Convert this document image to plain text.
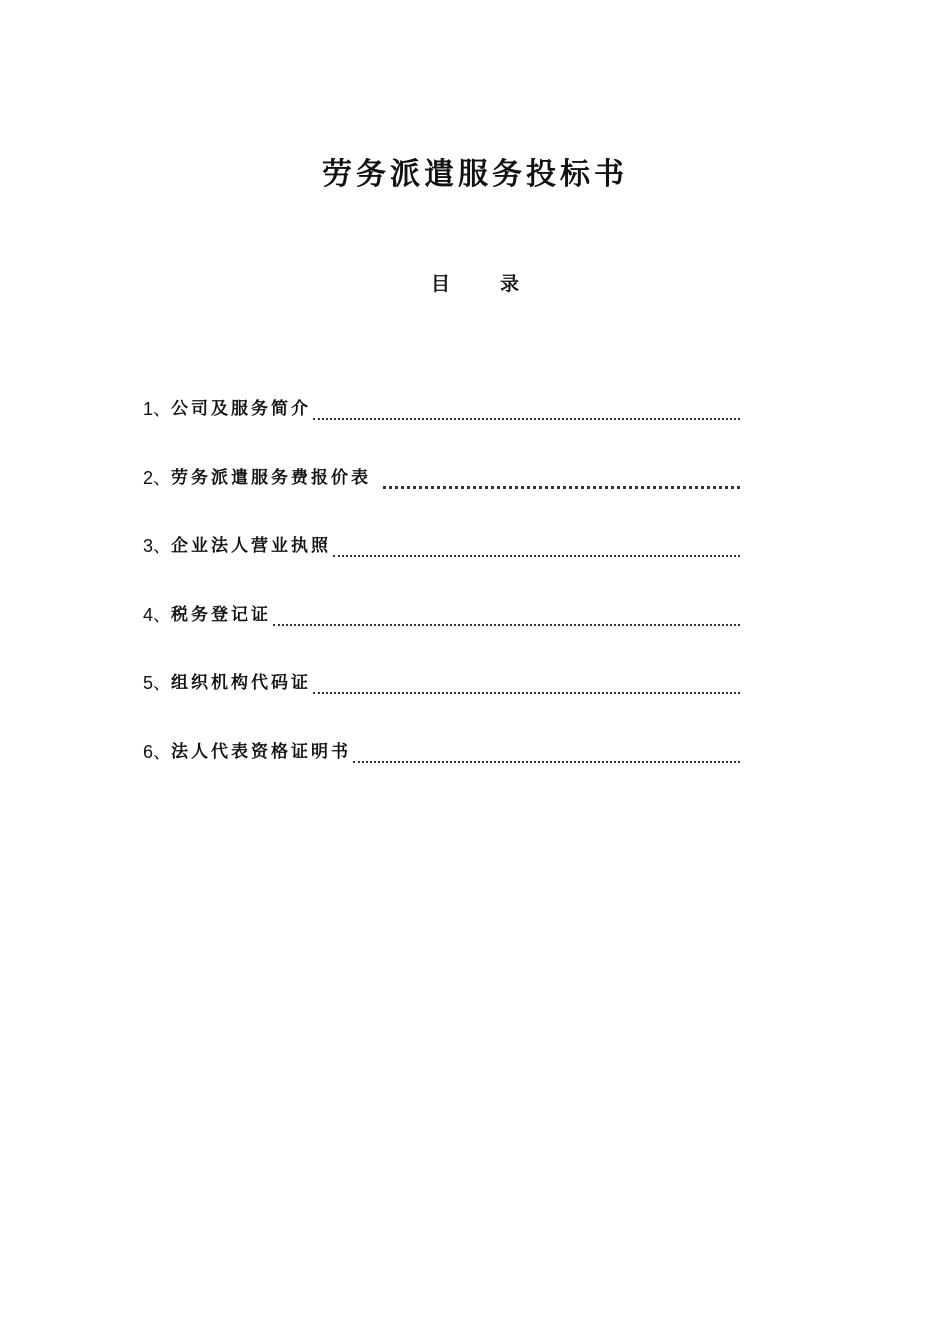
劳务派遣服务投标书
目	录
1、 公司及服务简介
2、 劳务派遣服务费报价表
3、 企业法人营业执照
4、 税务登记证
5、 组织机构代码证
6、 法人代表资格证明书
